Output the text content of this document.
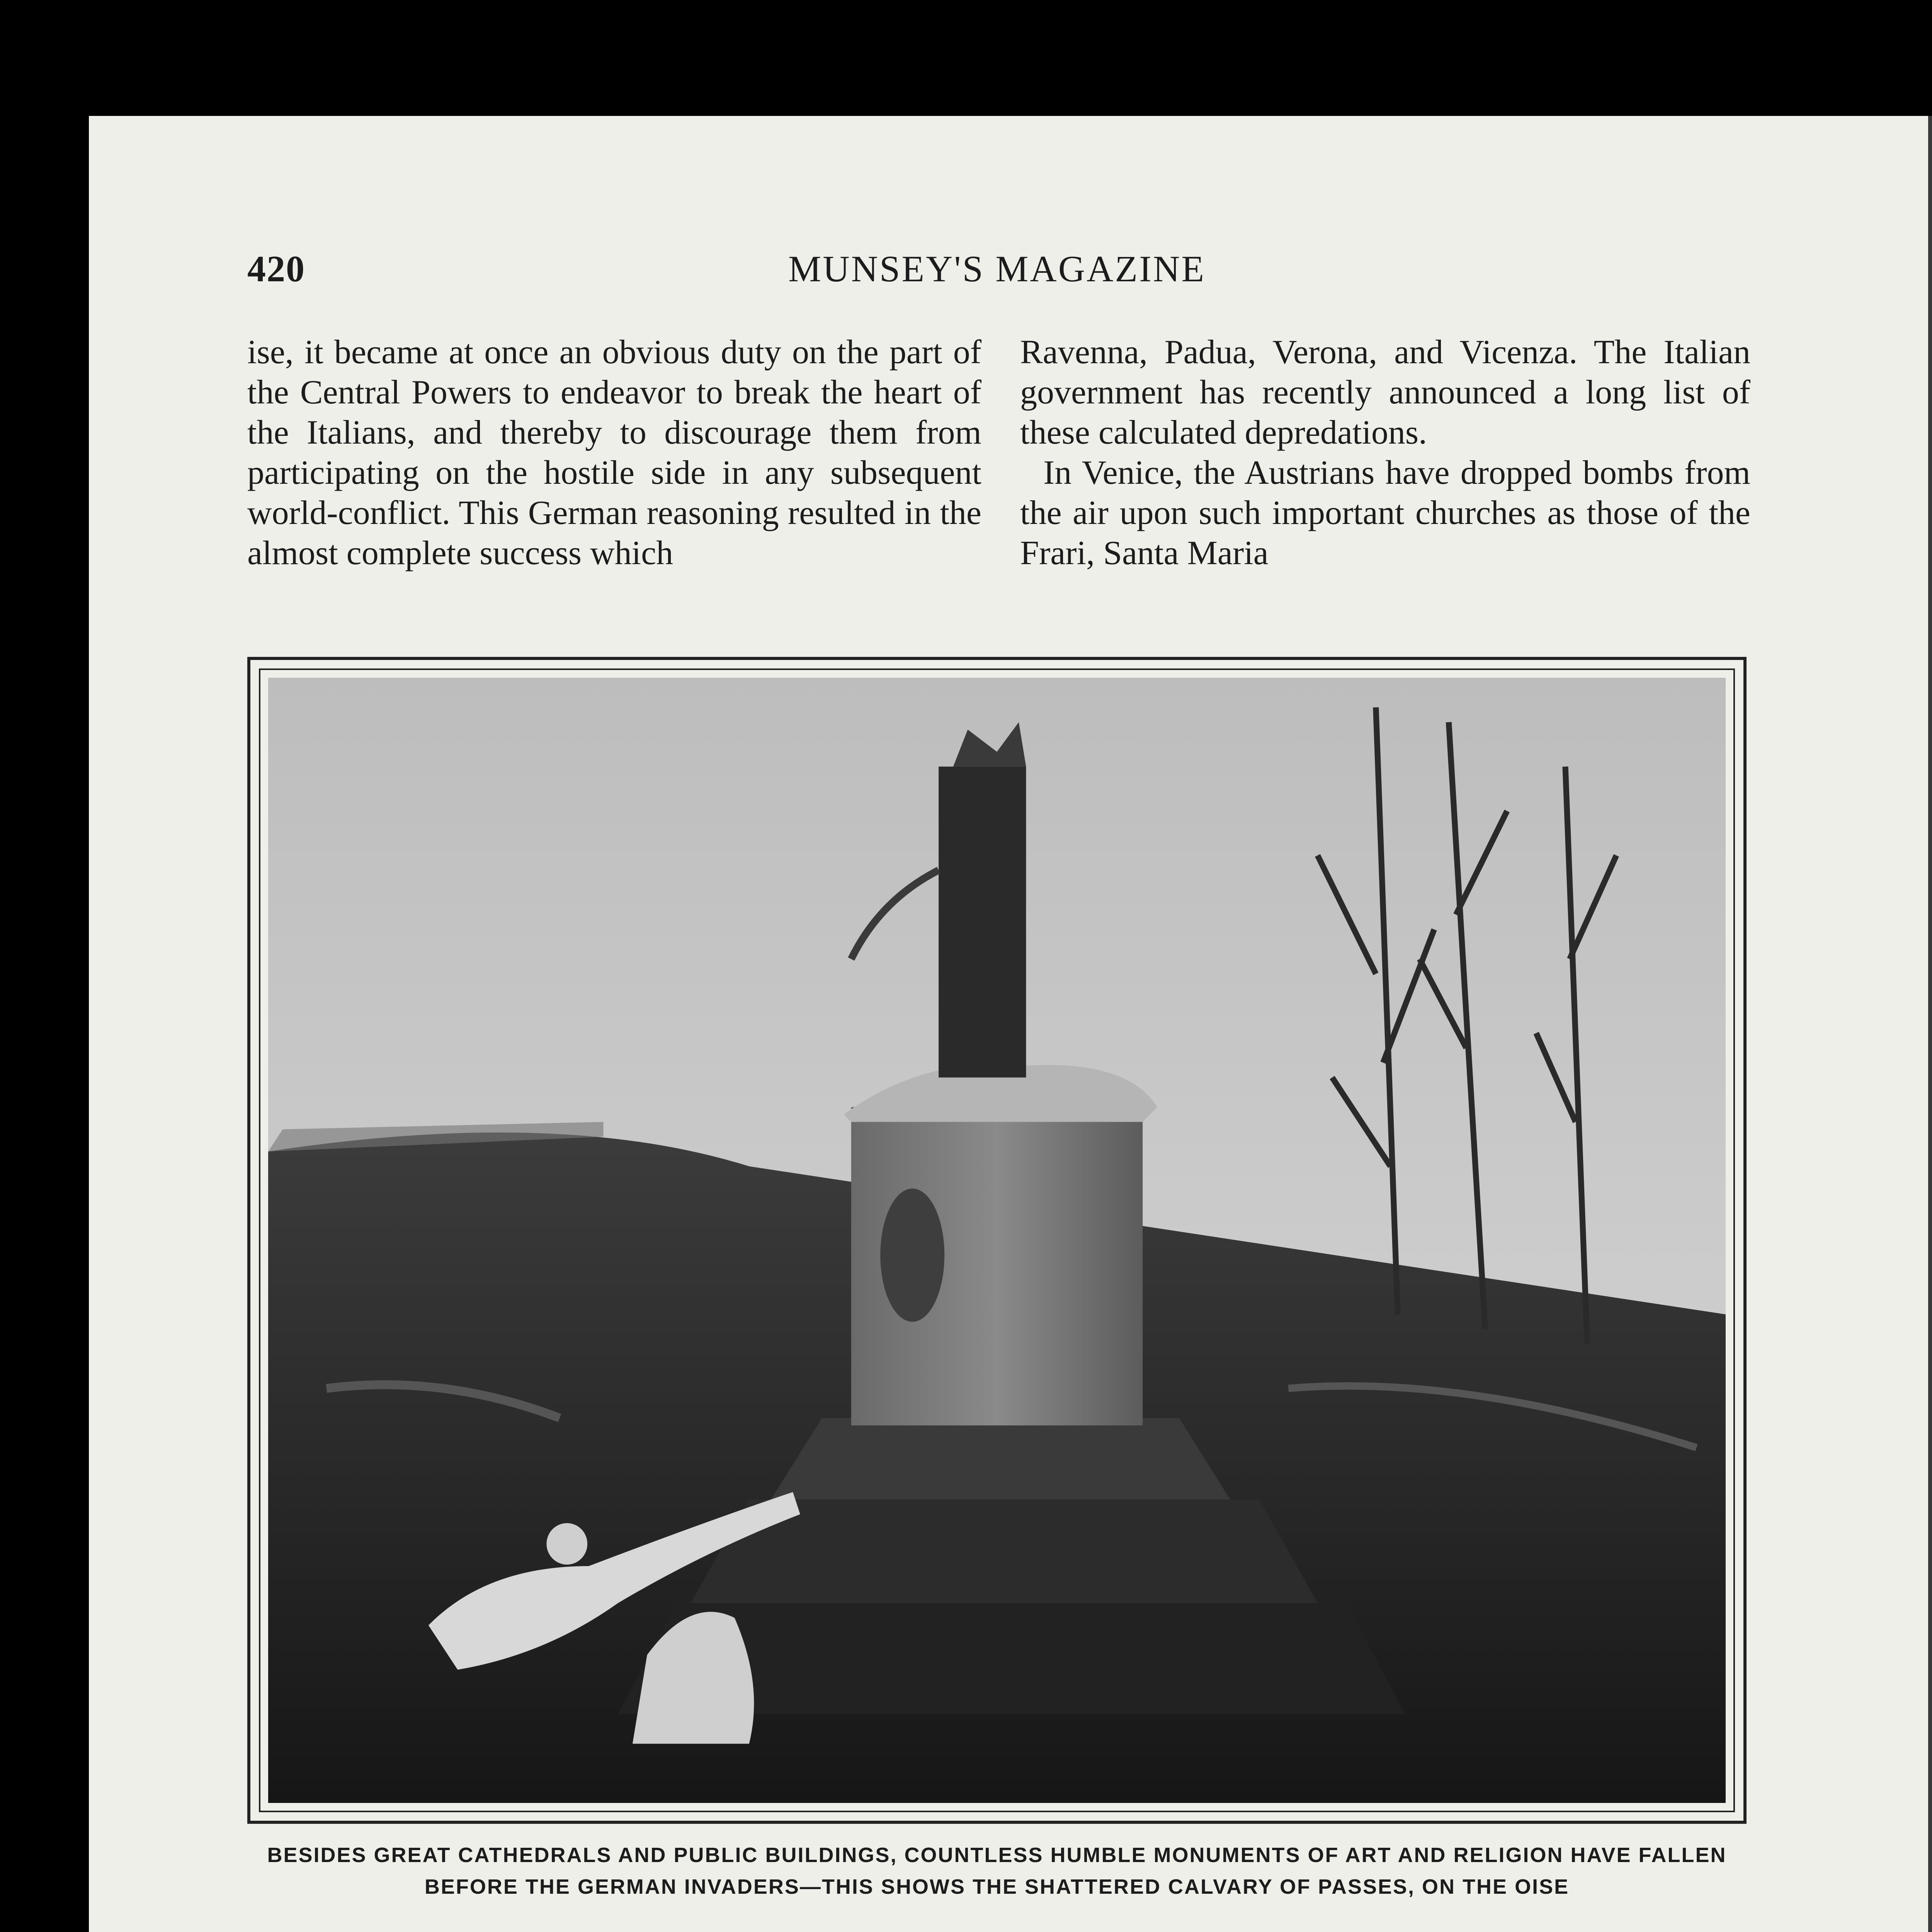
MUNSEY'S MAGAZINE
420

ise, it became at once an obvious duty on the part of the Central Powers to endeavor to break the heart of the Italians, and thereby to discourage them from participating on the hostile side in any subsequent world-conflict. This German reasoning resulted in the almost complete success which

Ravenna, Padua, Verona, and Vicenza. The Italian government has recently announced a long list of these calculated depredations.

In Venice, the Austrians have dropped bombs from the air upon such important churches as those of the Frari, Santa Maria

BESIDES GREAT CATHEDRALS AND PUBLIC BUILDINGS, COUNTLESS HUMBLE MONUMENTS OF ART AND RELIGION HAVE FALLEN BEFORE THE GERMAN INVADERS—THIS SHOWS THE SHATTERED CALVARY OF PASSES, ON THE OISE
